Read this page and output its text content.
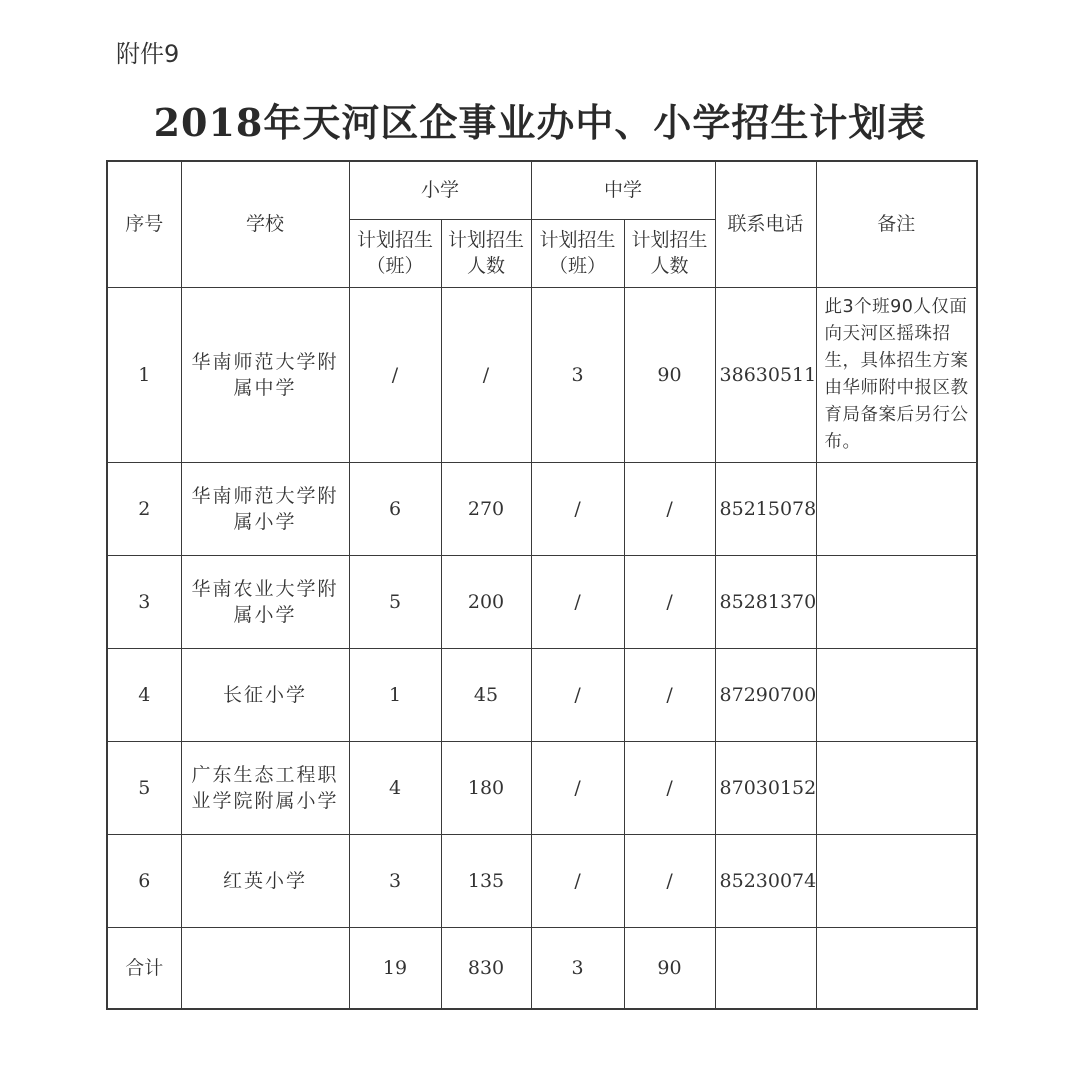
附件9
2018年天河区企事业办中、小学招生计划表
序号	学校	小学		中学		联系电话	备注
		计划招生（班）	计划招生人数	计划招生（班）	计划招生人数		
1	华南师范大学附属中学	/	/	3	90	38630511	此3个班90人仅面向天河区摇珠招生，具体招生方案由华师附中报区教育局备案后另行公布。
2	华南师范大学附属小学	6	270	/	/	85215078	
3	华南农业大学附属小学	5	200	/	/	85281370	
4	长征小学	1	45	/	/	87290700	
5	广东生态工程职业学院附属小学	4	180	/	/	87030152	
6	红英小学	3	135	/	/	85230074	
合计		19	830	3	90		
